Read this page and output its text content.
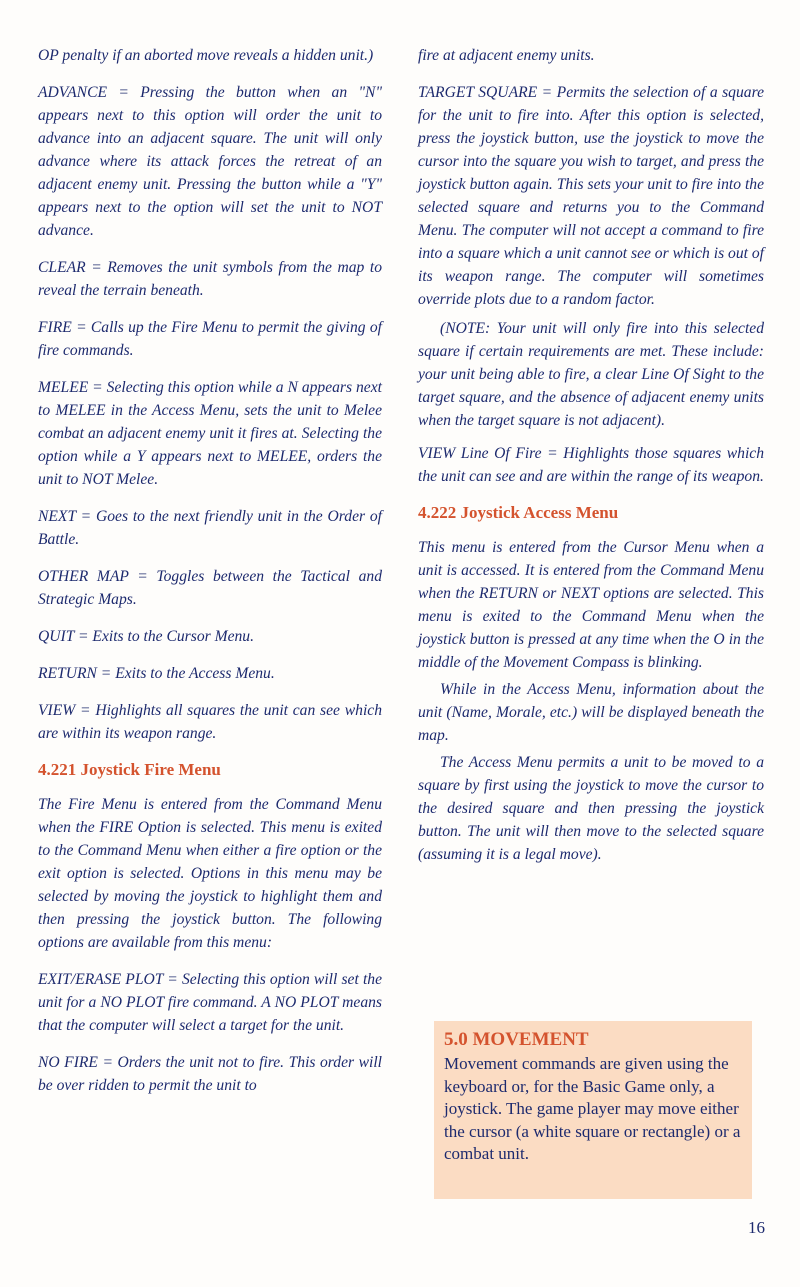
OP penalty if an aborted move reveals a hidden unit.)

ADVANCE = Pressing the button when an "N" appears next to this option will order the unit to advance into an adjacent square. The unit will only advance where its attack forces the retreat of an adjacent enemy unit. Pressing the button while a "Y" appears next to the option will set the unit to NOT advance.

CLEAR = Removes the unit symbols from the map to reveal the terrain beneath.

FIRE = Calls up the Fire Menu to permit the giving of fire commands.

MELEE = Selecting this option while a N appears next to MELEE in the Access Menu, sets the unit to Melee combat an adjacent enemy unit it fires at. Selecting the option while a Y appears next to MELEE, orders the unit to NOT Melee.

NEXT = Goes to the next friendly unit in the Order of Battle.

OTHER MAP = Toggles between the Tactical and Strategic Maps.

QUIT = Exits to the Cursor Menu.

RETURN = Exits to the Access Menu.

VIEW = Highlights all squares the unit can see which are within its weapon range.

4.221 Joystick Fire Menu

The Fire Menu is entered from the Command Menu when the FIRE Option is selected. This menu is exited to the Command Menu when either a fire option or the exit option is selected. Options in this menu may be selected by moving the joystick to highlight them and then pressing the joystick button. The following options are available from this menu:

EXIT/ERASE PLOT = Selecting this option will set the unit for a NO PLOT fire command. A NO PLOT means that the computer will select a target for the unit.

NO FIRE = Orders the unit not to fire. This order will be over ridden to permit the unit to

fire at adjacent enemy units.

TARGET SQUARE = Permits the selection of a square for the unit to fire into. After this option is selected, press the joystick button, use the joystick to move the cursor into the square you wish to target, and press the joystick button again. This sets your unit to fire into the selected square and returns you to the Command Menu. The computer will not accept a command to fire into a square which a unit cannot see or which is out of its weapon range. The computer will sometimes override plots due to a random factor.

(NOTE: Your unit will only fire into this selected square if certain requirements are met. These include: your unit being able to fire, a clear Line Of Sight to the target square, and the absence of adjacent enemy units when the target square is not adjacent).

VIEW Line Of Fire = Highlights those squares which the unit can see and are within the range of its weapon.

4.222 Joystick Access Menu

This menu is entered from the Cursor Menu when a unit is accessed. It is entered from the Command Menu when the RETURN or NEXT options are selected. This menu is exited to the Command Menu when the joystick button is pressed at any time when the O in the middle of the Movement Compass is blinking.

While in the Access Menu, information about the unit (Name, Morale, etc.) will be displayed beneath the map.

The Access Menu permits a unit to be moved to a square by first using the joystick to move the cursor to the desired square and then pressing the joystick button. The unit will then move to the selected square (assuming it is a legal move).

5.0 MOVEMENT

Movement commands are given using the keyboard or, for the Basic Game only, a joystick. The game player may move either the cursor (a white square or rectangle) or a combat unit.

16
